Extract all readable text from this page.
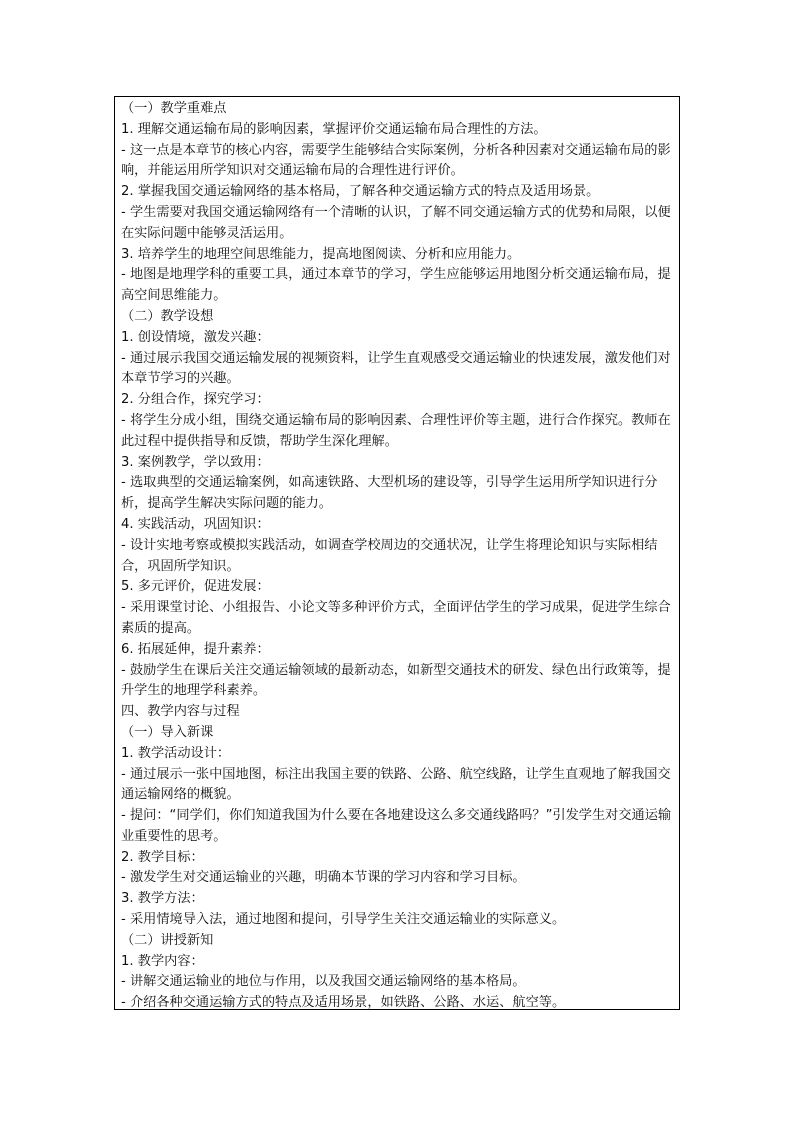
（一）教学重难点
1. 理解交通运输布局的影响因素，掌握评价交通运输布局合理性的方法。
- 这一点是本章节的核心内容，需要学生能够结合实际案例，分析各种因素对交通运输布局的影响，并能运用所学知识对交通运输布局的合理性进行评价。
2. 掌握我国交通运输网络的基本格局，了解各种交通运输方式的特点及适用场景。
- 学生需要对我国交通运输网络有一个清晰的认识，了解不同交通运输方式的优势和局限，以便在实际问题中能够灵活运用。
3. 培养学生的地理空间思维能力，提高地图阅读、分析和应用能力。
- 地图是地理学科的重要工具，通过本章节的学习，学生应能够运用地图分析交通运输布局，提高空间思维能力。
（二）教学设想
1. 创设情境，激发兴趣：
- 通过展示我国交通运输发展的视频资料，让学生直观感受交通运输业的快速发展，激发他们对本章节学习的兴趣。
2. 分组合作，探究学习：
- 将学生分成小组，围绕交通运输布局的影响因素、合理性评价等主题，进行合作探究。教师在此过程中提供指导和反馈，帮助学生深化理解。
3. 案例教学，学以致用：
- 选取典型的交通运输案例，如高速铁路、大型机场的建设等，引导学生运用所学知识进行分析，提高学生解决实际问题的能力。
4. 实践活动，巩固知识：
- 设计实地考察或模拟实践活动，如调查学校周边的交通状况，让学生将理论知识与实际相结合，巩固所学知识。
5. 多元评价，促进发展：
- 采用课堂讨论、小组报告、小论文等多种评价方式，全面评估学生的学习成果，促进学生综合素质的提高。
6. 拓展延伸，提升素养：
- 鼓励学生在课后关注交通运输领域的最新动态，如新型交通技术的研发、绿色出行政策等，提升学生的地理学科素养。
四、教学内容与过程
（一）导入新课
1. 教学活动设计：
- 通过展示一张中国地图，标注出我国主要的铁路、公路、航空线路，让学生直观地了解我国交通运输网络的概貌。
- 提问：“同学们，你们知道我国为什么要在各地建设这么多交通线路吗？”引发学生对交通运输业重要性的思考。
2. 教学目标：
- 激发学生对交通运输业的兴趣，明确本节课的学习内容和学习目标。
3. 教学方法：
- 采用情境导入法，通过地图和提问，引导学生关注交通运输业的实际意义。
（二）讲授新知
1. 教学内容：
- 讲解交通运输业的地位与作用，以及我国交通运输网络的基本格局。
- 介绍各种交通运输方式的特点及适用场景，如铁路、公路、水运、航空等。
